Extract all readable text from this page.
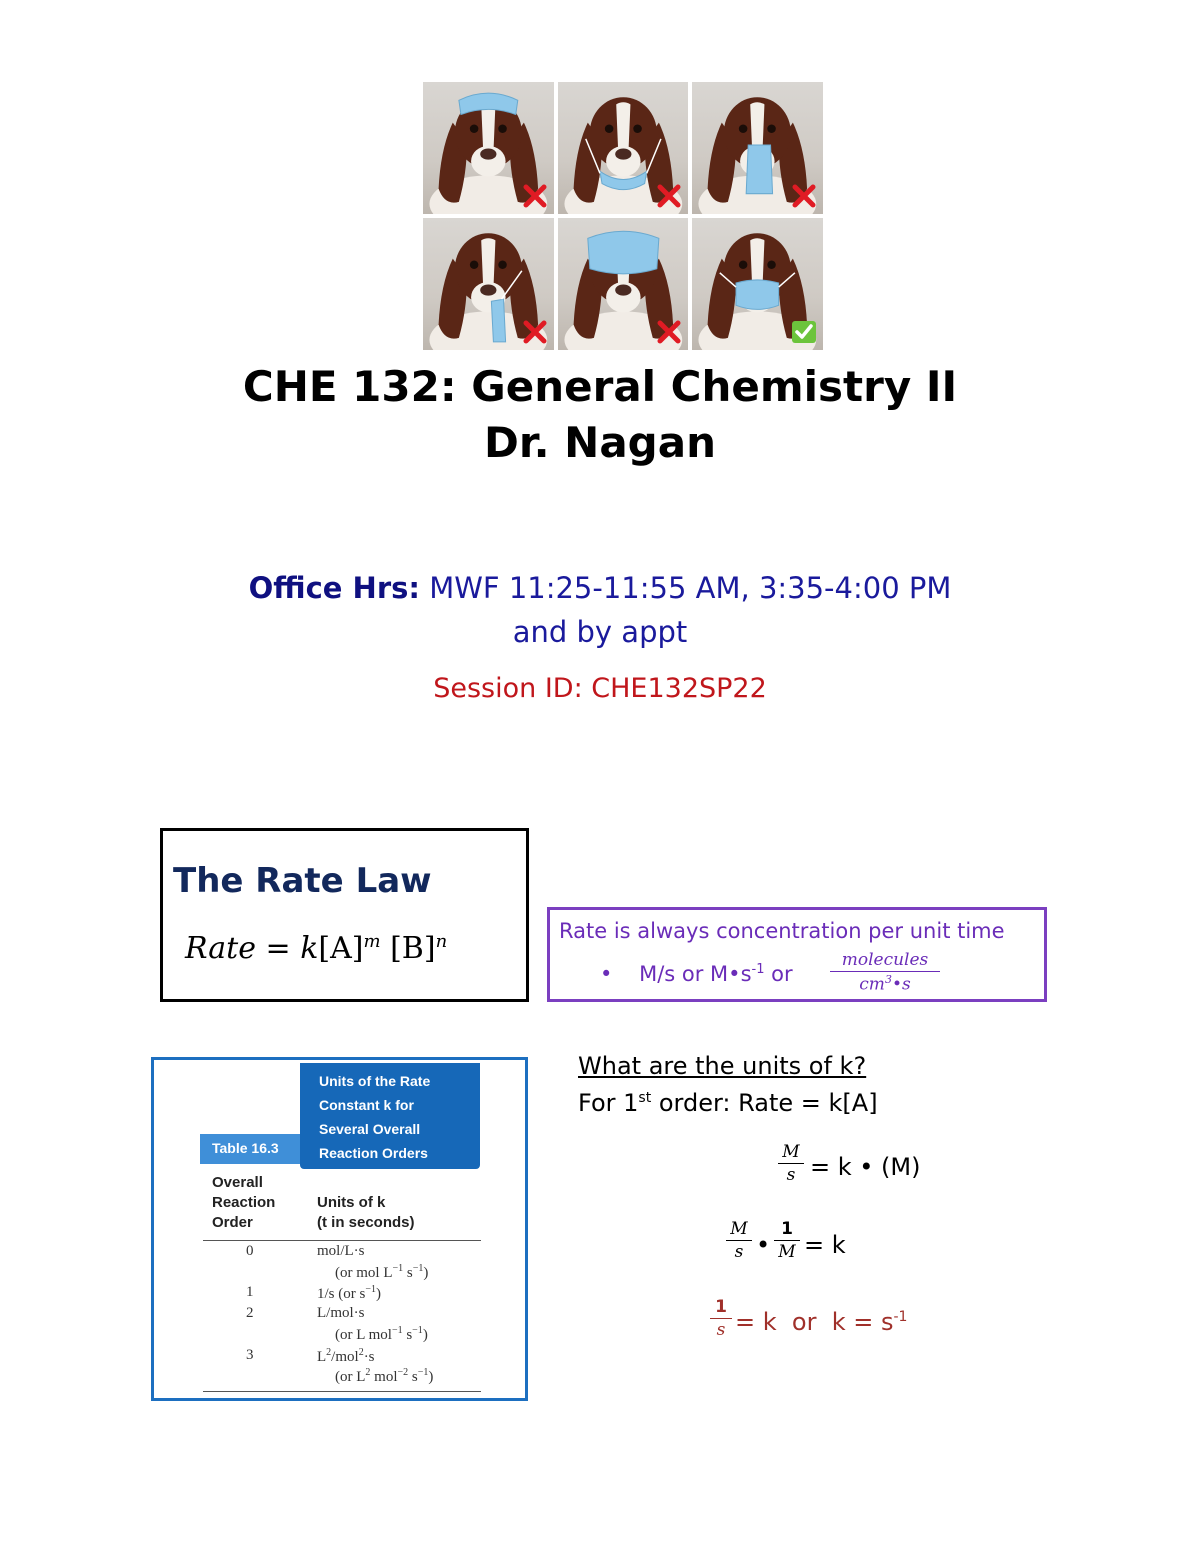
CHE 132: General Chemistry II
Dr. Nagan
Office Hrs: MWF 11:25-11:55 AM, 3:35-4:00 PM
and by appt
Session ID: CHE132SP22
The Rate Law
Rate = $k[A]^m$ $[B]^n$	Rate is always concentration per unit time
• M/s or $M•s^{-1}$ or
molecules
$cm^3•s$
Units of the Rate
Constant k for
Several Overall
Reaction Orders
Table 16.3
Overall
Reaction
Order
Units of k
(t in seconds)
0	mol/L·s
(or mol $L^{-1}$ $s^{-1}$)
1	1/s (or $s^{-1}$)
2	L/mol·s
(or L mol$^{-1}$ $s^{-1}$)
3	$L^2/mol^2\cdot s$
(or $L^2$ mol$^{-2}$ $s^{-1}$)
What are the units of k?
For 1st order: Rate = k[A]
$\frac{M}{s} = k$ • (M)
$\frac{M}{s}$ • $\frac{1}{M} = k$
$\frac{1}{s} = k$  or  $k = s^{-1}$
